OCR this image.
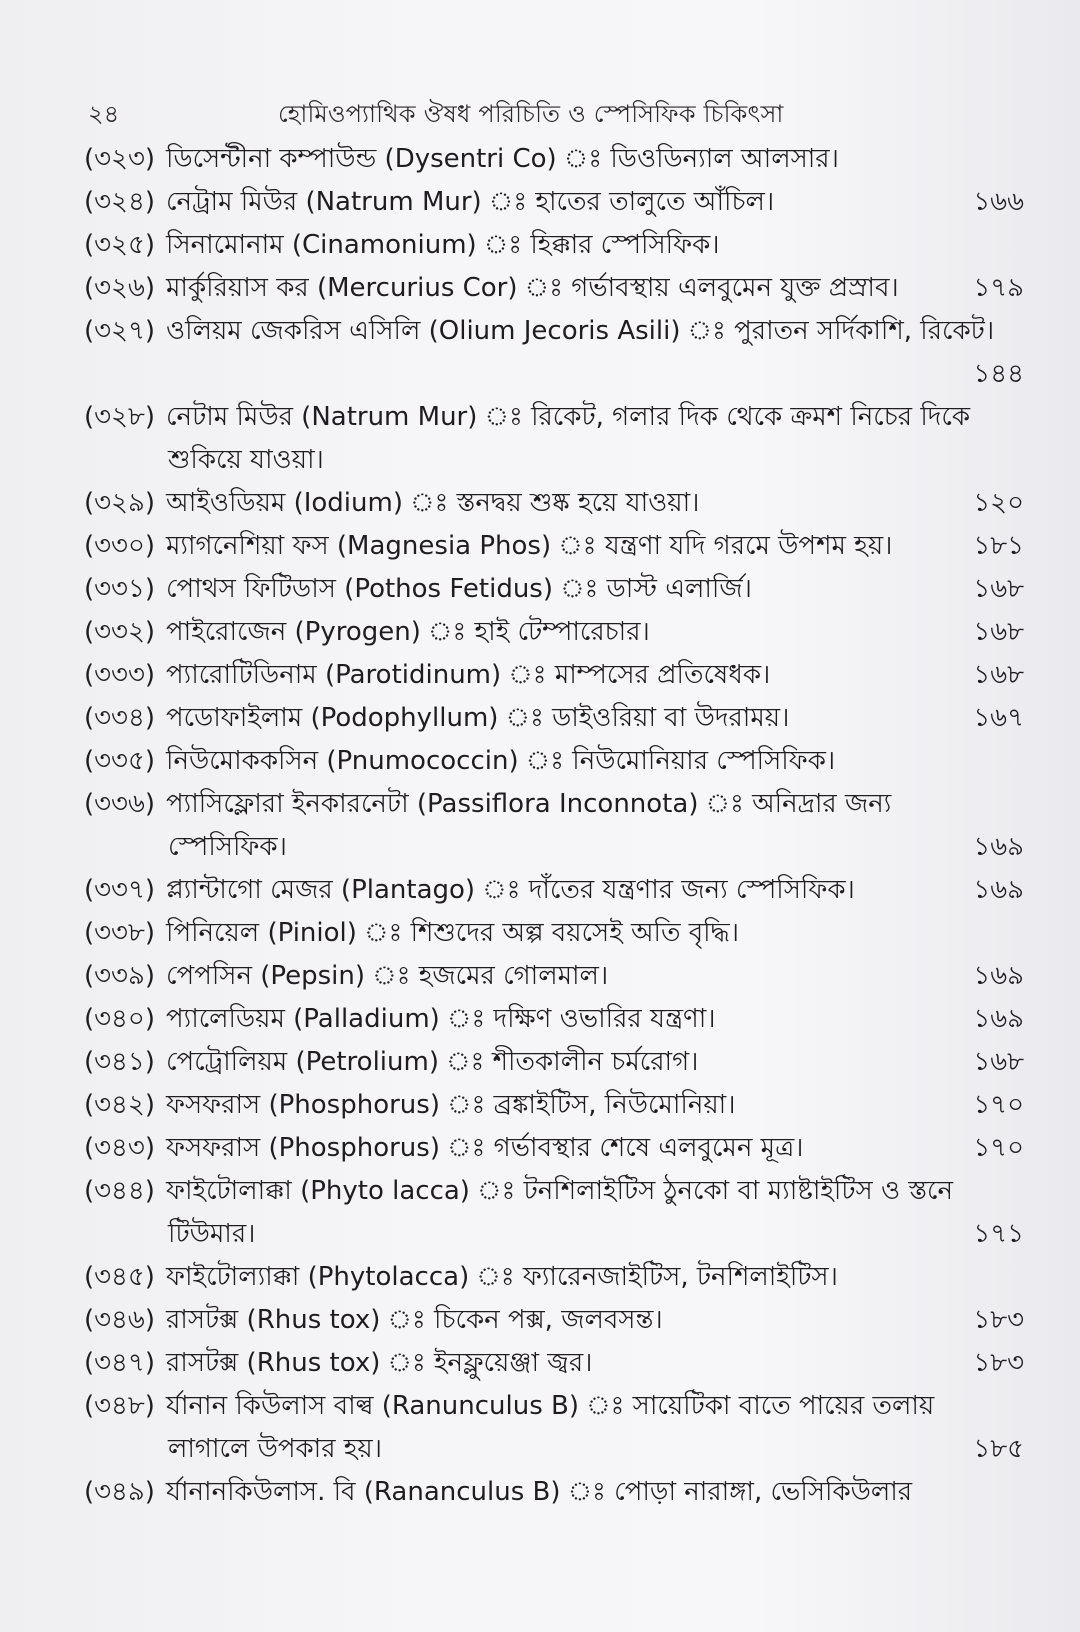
২৪	হোমিওপ্যাথিক ঔষধ পরিচিতি ও স্পেসিফিক চিকিৎসা
(৩২৩) ডিসেন্টীনা কম্পাউন্ড (Dysentri Co) ঃ ডিওডিন্যাল আলসার।
(৩২৪) নেট্রাম মিউর (Natrum Mur) ঃ হাতের তালুতে আঁচিল।	১৬৬
(৩২৫) সিনামোনাম (Cinamonium) ঃ হিক্কার স্পেসিফিক।
(৩২৬) মার্কুরিয়াস কর (Mercurius Cor) ঃ গর্ভাবস্থায় এলবুমেন যুক্ত প্রস্রাব।	১৭৯
(৩২৭) ওলিয়ম জেকরিস এসিলি (Olium Jecoris Asili) ঃ পুরাতন সর্দিকাশি, রিকেট।
১৪৪
(৩২৮) নেটাম মিউর (Natrum Mur) ঃ রিকেট, গলার দিক থেকে ক্রমশ নিচের দিকে
শুকিয়ে যাওয়া।
(৩২৯) আইওডিয়ম (Iodium) ঃ স্তনদ্বয় শুষ্ক হয়ে যাওয়া।	১২০
(৩৩০) ম্যাগনেশিয়া ফস (Magnesia Phos) ঃ যন্ত্রণা যদি গরমে উপশম হয়।	১৮১
(৩৩১) পোথস ফিটিডাস (Pothos Fetidus) ঃ ডাস্ট এলার্জি।	১৬৮
(৩৩২) পাইরোজেন (Pyrogen) ঃ হাই টেম্পারেচার।	১৬৮
(৩৩৩) প্যারোটিডিনাম (Parotidinum) ঃ মাম্পসের প্রতিষেধক।	১৬৮
(৩৩৪) পডোফাইলাম (Podophyllum) ঃ ডাইওরিয়া বা উদরাময়।	১৬৭
(৩৩৫) নিউমোককসিন (Pnumococcin) ঃ নিউমোনিয়ার স্পেসিফিক।
(৩৩৬) প্যাসিফ্লোরা ইনকারনেটা (Passiflora Inconnota) ঃ অনিদ্রার জন্য
স্পেসিফিক।	১৬৯
(৩৩৭) প্ল্যান্টাগো মেজর (Plantago) ঃ দাঁতের যন্ত্রণার জন্য স্পেসিফিক।	১৬৯
(৩৩৮) পিনিয়েল (Piniol) ঃ শিশুদের অল্প বয়সেই অতি বৃদ্ধি।
(৩৩৯) পেপসিন (Pepsin) ঃ হজমের গোলমাল।	১৬৯
(৩৪০) প্যালেডিয়ম (Palladium) ঃ দক্ষিণ ওভারির যন্ত্রণা।	১৬৯
(৩৪১) পেট্রোলিয়ম (Petrolium) ঃ শীতকালীন চর্মরোগ।	১৬৮
(৩৪২) ফসফরাস (Phosphorus) ঃ ব্রঙ্কাইটিস, নিউমোনিয়া।	১৭০
(৩৪৩) ফসফরাস (Phosphorus) ঃ গর্ভাবস্থার শেষে এলবুমেন মূত্র।	১৭০
(৩৪৪) ফাইটোলাক্কা (Phyto lacca) ঃ টনশিলাইটিস ঠুনকো বা ম্যাষ্টাইটিস ও স্তনে
টিউমার।	১৭১
(৩৪৫) ফাইটোল্যাক্কা (Phytolacca) ঃ ফ্যারেনজাইটিস, টনশিলাইটিস।
(৩৪৬) রাসটক্স (Rhus tox) ঃ চিকেন পক্স, জলবসন্ত।	১৮৩
(৩৪৭) রাসটক্স (Rhus tox) ঃ ইনফ্লুয়েঞ্জা জ্বর।	১৮৩
(৩৪৮) র্যানান কিউলাস বাল্ব (Ranunculus B) ঃ সায়েটিকা বাতে পায়ের তলায়
লাগালে উপকার হয়।	১৮৫
(৩৪৯) র্যানানকিউলাস. বি (Rananculus B) ঃ পোড়া নারাঙ্গা, ভেসিকিউলার
